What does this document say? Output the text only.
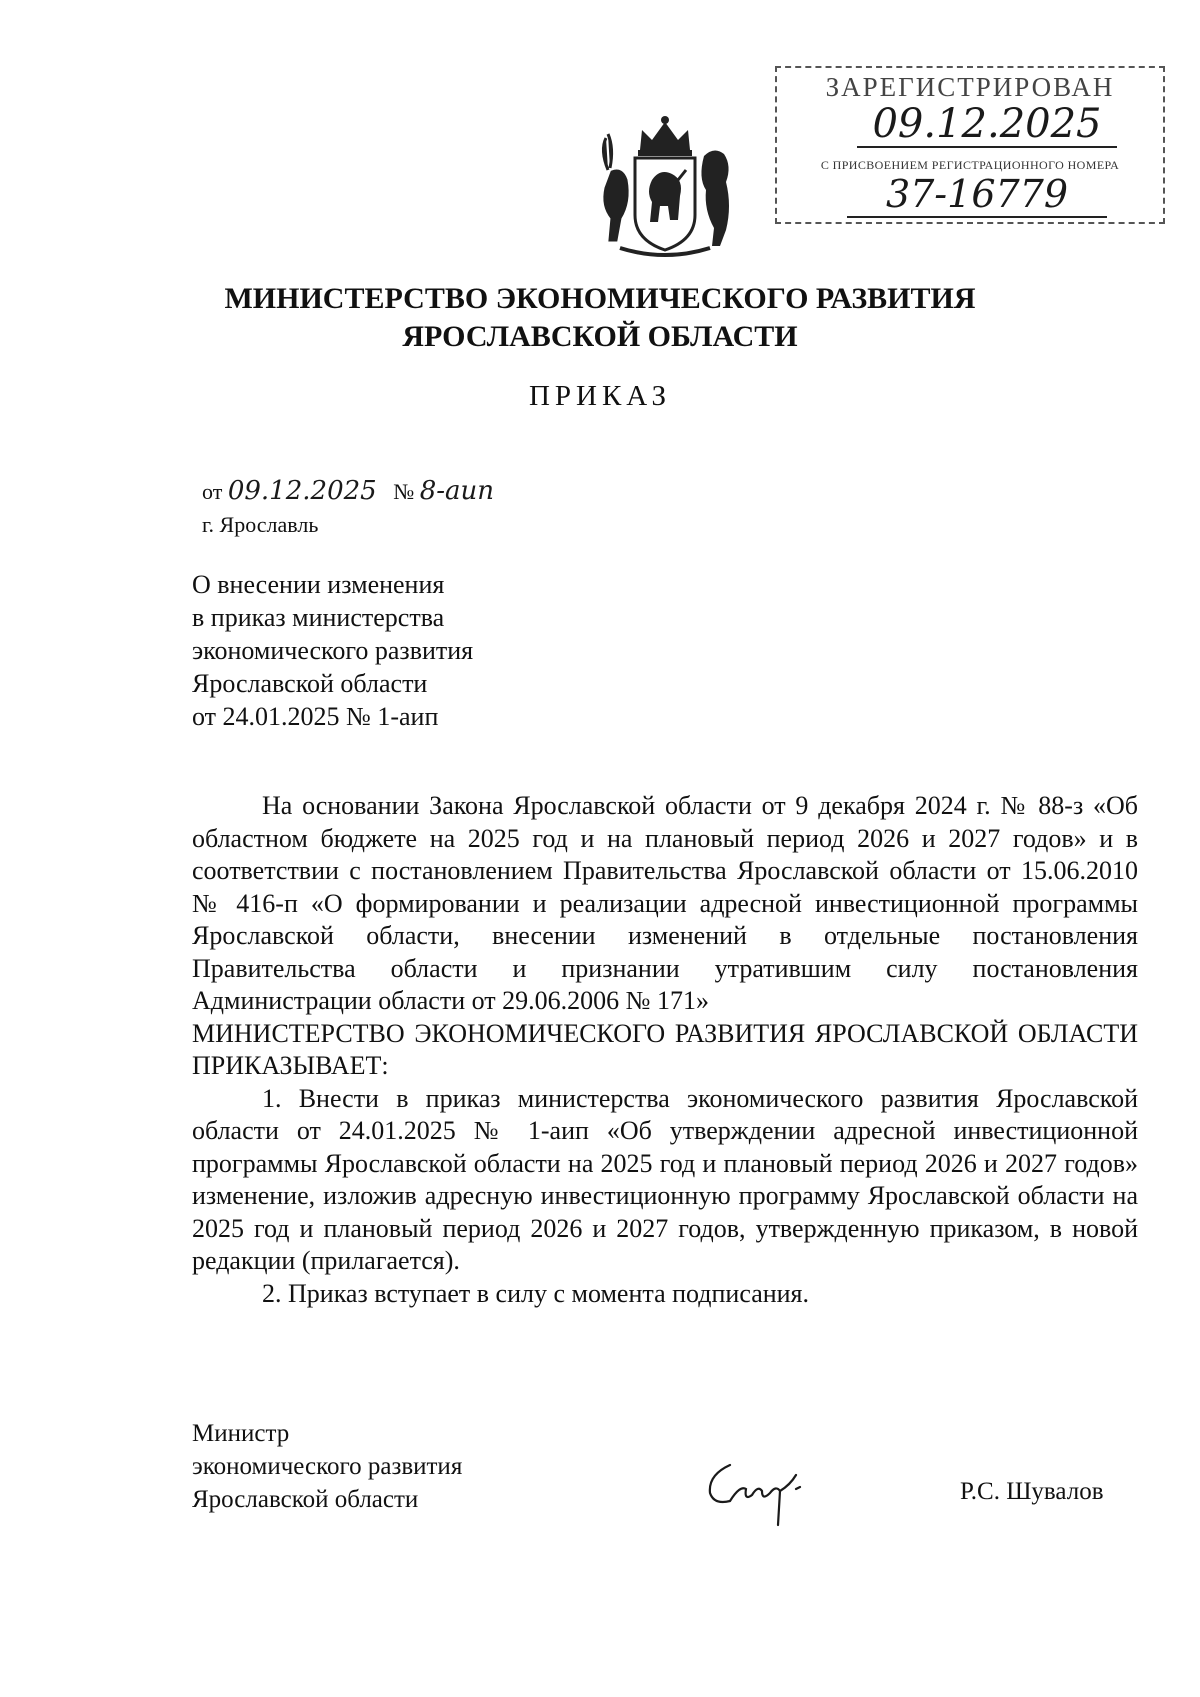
ЗАРЕГИСТРИРОВАН
09.12.2025
С ПРИСВОЕНИЕМ РЕГИСТРАЦИОННОГО НОМЕРА
37-16779
МИНИСТЕРСТВО ЭКОНОМИЧЕСКОГО РАЗВИТИЯ
ЯРОСЛАВСКОЙ ОБЛАСТИ
ПРИКАЗ
от 09.12.2025 № 8-аип
г. Ярославль
О внесении изменения
в приказ министерства
экономического развития
Ярославской области
от 24.01.2025 № 1-аип

На основании Закона Ярославской области от 9 декабря 2024 г. № 88-з «Об областном бюджете на 2025 год и на плановый период 2026 и 2027 годов» и в соответствии с постановлением Правительства Ярославской области от 15.06.2010 № 416-п «О формировании и реализации адресной инвестиционной программы Ярославской области, внесении изменений в отдельные постановления Правительства области и признании утратившим силу постановления Администрации области от 29.06.2006 № 171»

МИНИСТЕРСТВО ЭКОНОМИЧЕСКОГО РАЗВИТИЯ ЯРОСЛАВСКОЙ ОБЛАСТИ ПРИКАЗЫВАЕТ:

1. Внести в приказ министерства экономического развития Ярославской области от 24.01.2025 № 1-аип «Об утверждении адресной инвестиционной программы Ярославской области на 2025 год и плановый период 2026 и 2027 годов» изменение, изложив адресную инвестиционную программу Ярославской области на 2025 год и плановый период 2026 и 2027 годов, утвержденную приказом, в новой редакции (прилагается).

2. Приказ вступает в силу с момента подписания.

Министр
экономического развития
Ярославской области	Р.С. Шувалов
